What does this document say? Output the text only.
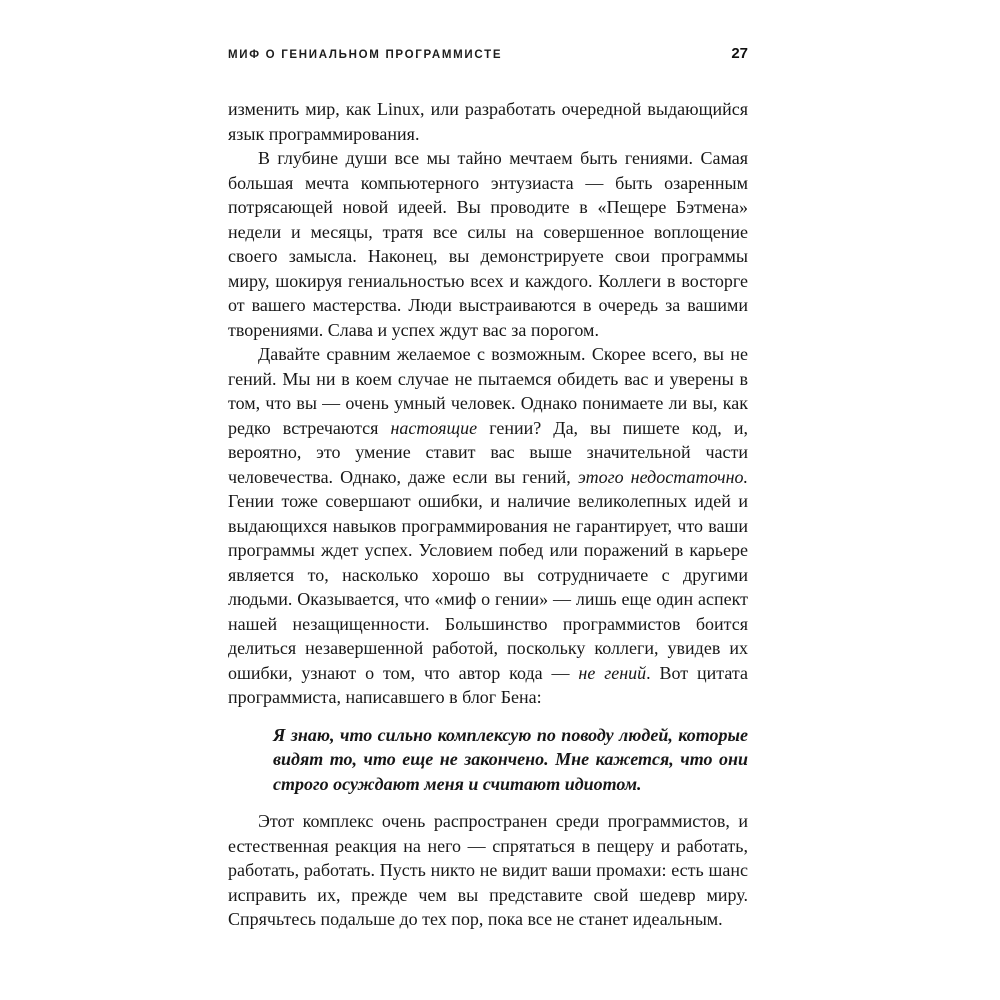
МИФ О ГЕНИАЛЬНОМ ПРОГРАММИСТЕ	27

изменить мир, как Linux, или разработать очередной выдающийся язык программирования.

В глубине души все мы тайно мечтаем быть гениями. Самая большая мечта компьютерного энтузиаста — быть озаренным потрясающей новой идеей. Вы проводите в «Пещере Бэтмена» недели и месяцы, тратя все силы на совершенное воплощение своего замысла. Наконец, вы демонстрируете свои программы миру, шокируя гениальностью всех и каждого. Коллеги в восторге от вашего мастерства. Люди выстраиваются в очередь за вашими творениями. Слава и успех ждут вас за порогом.

Давайте сравним желаемое с возможным. Скорее всего, вы не гений. Мы ни в коем случае не пытаемся обидеть вас и уверены в том, что вы — очень умный человек. Однако понимаете ли вы, как редко встречаются настоящие гении? Да, вы пишете код, и, вероятно, это умение ставит вас выше значительной части человечества. Однако, даже если вы гений, этого недостаточно. Гении тоже совершают ошибки, и наличие великолепных идей и выдающихся навыков программирования не гарантирует, что ваши программы ждет успех. Условием побед или поражений в карьере является то, насколько хорошо вы сотрудничаете с другими людьми. Оказывается, что «миф о гении» — лишь еще один аспект нашей незащищенности. Большинство программистов боится делиться незавершенной работой, поскольку коллеги, увидев их ошибки, узнают о том, что автор кода — не гений. Вот цитата программиста, написавшего в блог Бена:

Я знаю, что сильно комплексую по поводу людей, которые видят то, что еще не закончено. Мне кажется, что они строго осуждают меня и считают идиотом.

Этот комплекс очень распространен среди программистов, и естественная реакция на него — спрятаться в пещеру и работать, работать, работать. Пусть никто не видит ваши промахи: есть шанс исправить их, прежде чем вы представите свой шедевр миру. Спрячьтесь подальше до тех пор, пока все не станет идеальным.
